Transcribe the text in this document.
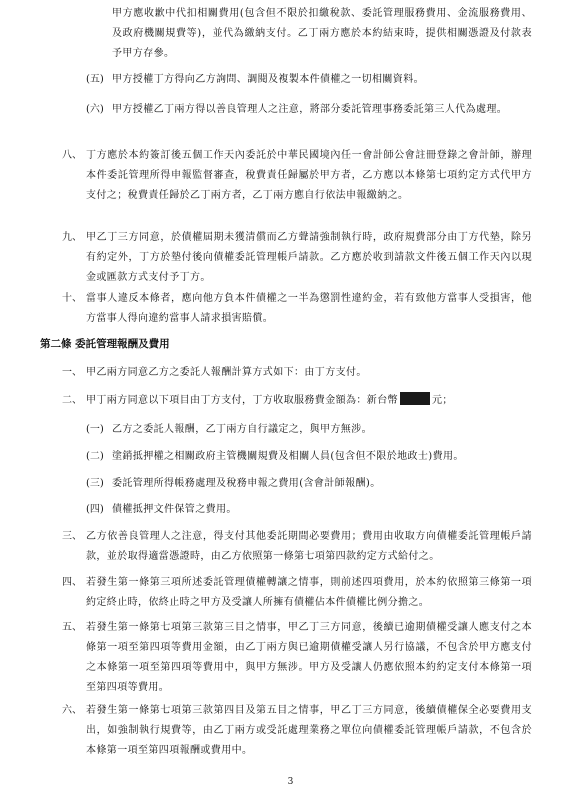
甲方應收歉中代扣相關費用(包含但不限於扣繳稅款、委託管理服務費用、金流服務費用、及政府機關規費等)，並代為繳納支付。乙丁兩方應於本約結束時，提供相關憑證及付款表予甲方存參。
(五) 甲方授權丁方得向乙方詢問、調閱及複製本件債權之一切相關資料。
(六) 甲方授權乙丁兩方得以善良管理人之注意，將部分委託管理事務委託第三人代為處理。
八、 丁方應於本約簽訂後五個工作天內委託於中華民國境內任一會計師公會註冊登錄之會計師，辦理本件委託管理所得申報監督審查，稅費責任歸屬於甲方者，乙方應以本條第七項約定方式代甲方支付之；稅費責任歸於乙丁兩方者，乙丁兩方應自行依法申報繳納之。
九、 甲乙丁三方同意，於債權屆期未獲清償而乙方聲請強制執行時，政府規費部分由丁方代墊，除另有約定外，丁方於墊付後向債權委託管理帳戶請款。乙方應於收到請款文件後五個工作天內以現金或匯款方式支付予丁方。
十、 當事人違反本條者，應向他方負本件債權之一半為懲罰性違約金，若有致他方當事人受損害，他方當事人得向違約當事人請求損害賠償。
第二條 委託管理報酬及費用
一、 甲乙兩方同意乙方之委託人報酬計算方式如下：由丁方支付。
二、 甲丁兩方同意以下項目由丁方支付，丁方收取服務費金額為：新台幣	元；
(一) 乙方之委託人報酬，乙丁兩方自行議定之，與甲方無涉。
(二) 塗銷抵押權之相關政府主管機關規費及相關人員(包含但不限於地政士)費用。
(三) 委託管理所得帳務處理及稅務申報之費用(含會計師報酬)。
(四) 債權抵押文件保管之費用。
三、 乙方依善良管理人之注意，得支付其他委託期間必要費用；費用由收取方向債權委託管理帳戶請款，並於取得適當憑證時，由乙方依照第一條第七項第四款約定方式給付之。
四、 若發生第一條第三項所述委託管理債權轉讓之情事，則前述四項費用，於本約依照第三條第一項約定終止時，依終止時之甲方及受讓人所擁有債權佔本件債權比例分擔之。
五、 若發生第一條第七項第三款第三目之情事，甲乙丁三方同意，後續已逾期債權受讓人應支付之本條第一項至第四項等費用金額，由乙丁兩方與已逾期債權受讓人另行協議，不包含於甲方應支付之本條第一項至第四項等費用中，與甲方無涉。甲方及受讓人仍應依照本約約定支付本條第一項至第四項等費用。
六、 若發生第一條第七項第三款第四目及第五目之情事，甲乙丁三方同意，後續債權保全必要費用支出，如強制執行規費等，由乙丁兩方或受託處理業務之單位向債權委託管理帳戶請款，不包含於本條第一項至第四項報酬或費用中。
3
